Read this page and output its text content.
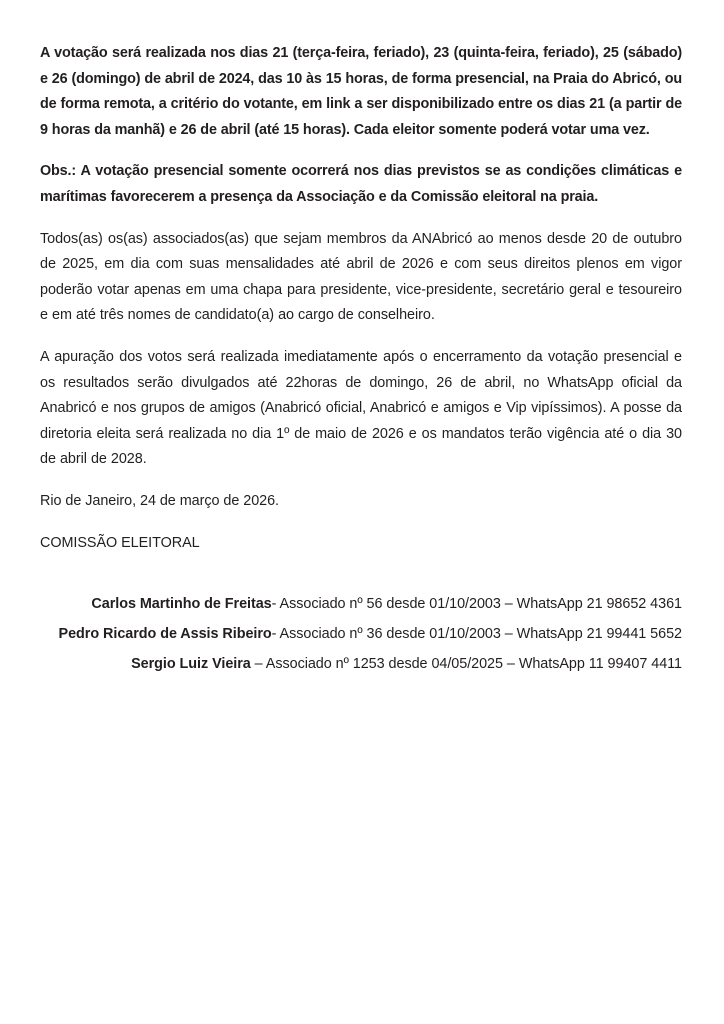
A votação será realizada nos dias 21 (terça-feira, feriado), 23 (quinta-feira, feriado), 25 (sábado) e 26 (domingo) de abril de 2024, das 10 às 15 horas, de forma presencial, na Praia do Abricó, ou de forma remota, a critério do votante, em link a ser disponibilizado entre os dias 21 (a partir de 9 horas da manhã) e 26 de abril (até 15 horas). Cada eleitor somente poderá votar uma vez.

Obs.: A votação presencial somente ocorrerá nos dias previstos se as condições climáticas e marítimas favorecerem a presença da Associação e da Comissão eleitoral na praia.

Todos(as) os(as) associados(as) que sejam membros da ANAbricó ao menos desde 20 de outubro de 2025, em dia com suas mensalidades até abril de 2026 e com seus direitos plenos em vigor poderão votar apenas em uma chapa para presidente, vice-presidente, secretário geral e tesoureiro e em até três nomes de candidato(a) ao cargo de conselheiro.

A apuração dos votos será realizada imediatamente após o encerramento da votação presencial e os resultados serão divulgados até 22horas de domingo, 26 de abril, no WhatsApp oficial da Anabricó e nos grupos de amigos (Anabricó oficial, Anabricó e amigos e Vip vipíssimos). A posse da diretoria eleita será realizada no dia 1º de maio de 2026 e os mandatos terão vigência até o dia 30 de abril de 2028.

Rio de Janeiro, 24 de março de 2026.

COMISSÃO ELEITORAL

Carlos Martinho de Freitas- Associado nº 56 desde 01/10/2003 – WhatsApp 21 98652 4361

Pedro Ricardo de Assis Ribeiro- Associado nº 36 desde 01/10/2003 – WhatsApp 21 99441 5652

Sergio Luiz Vieira – Associado nº 1253 desde 04/05/2025 – WhatsApp 11 99407 4411
